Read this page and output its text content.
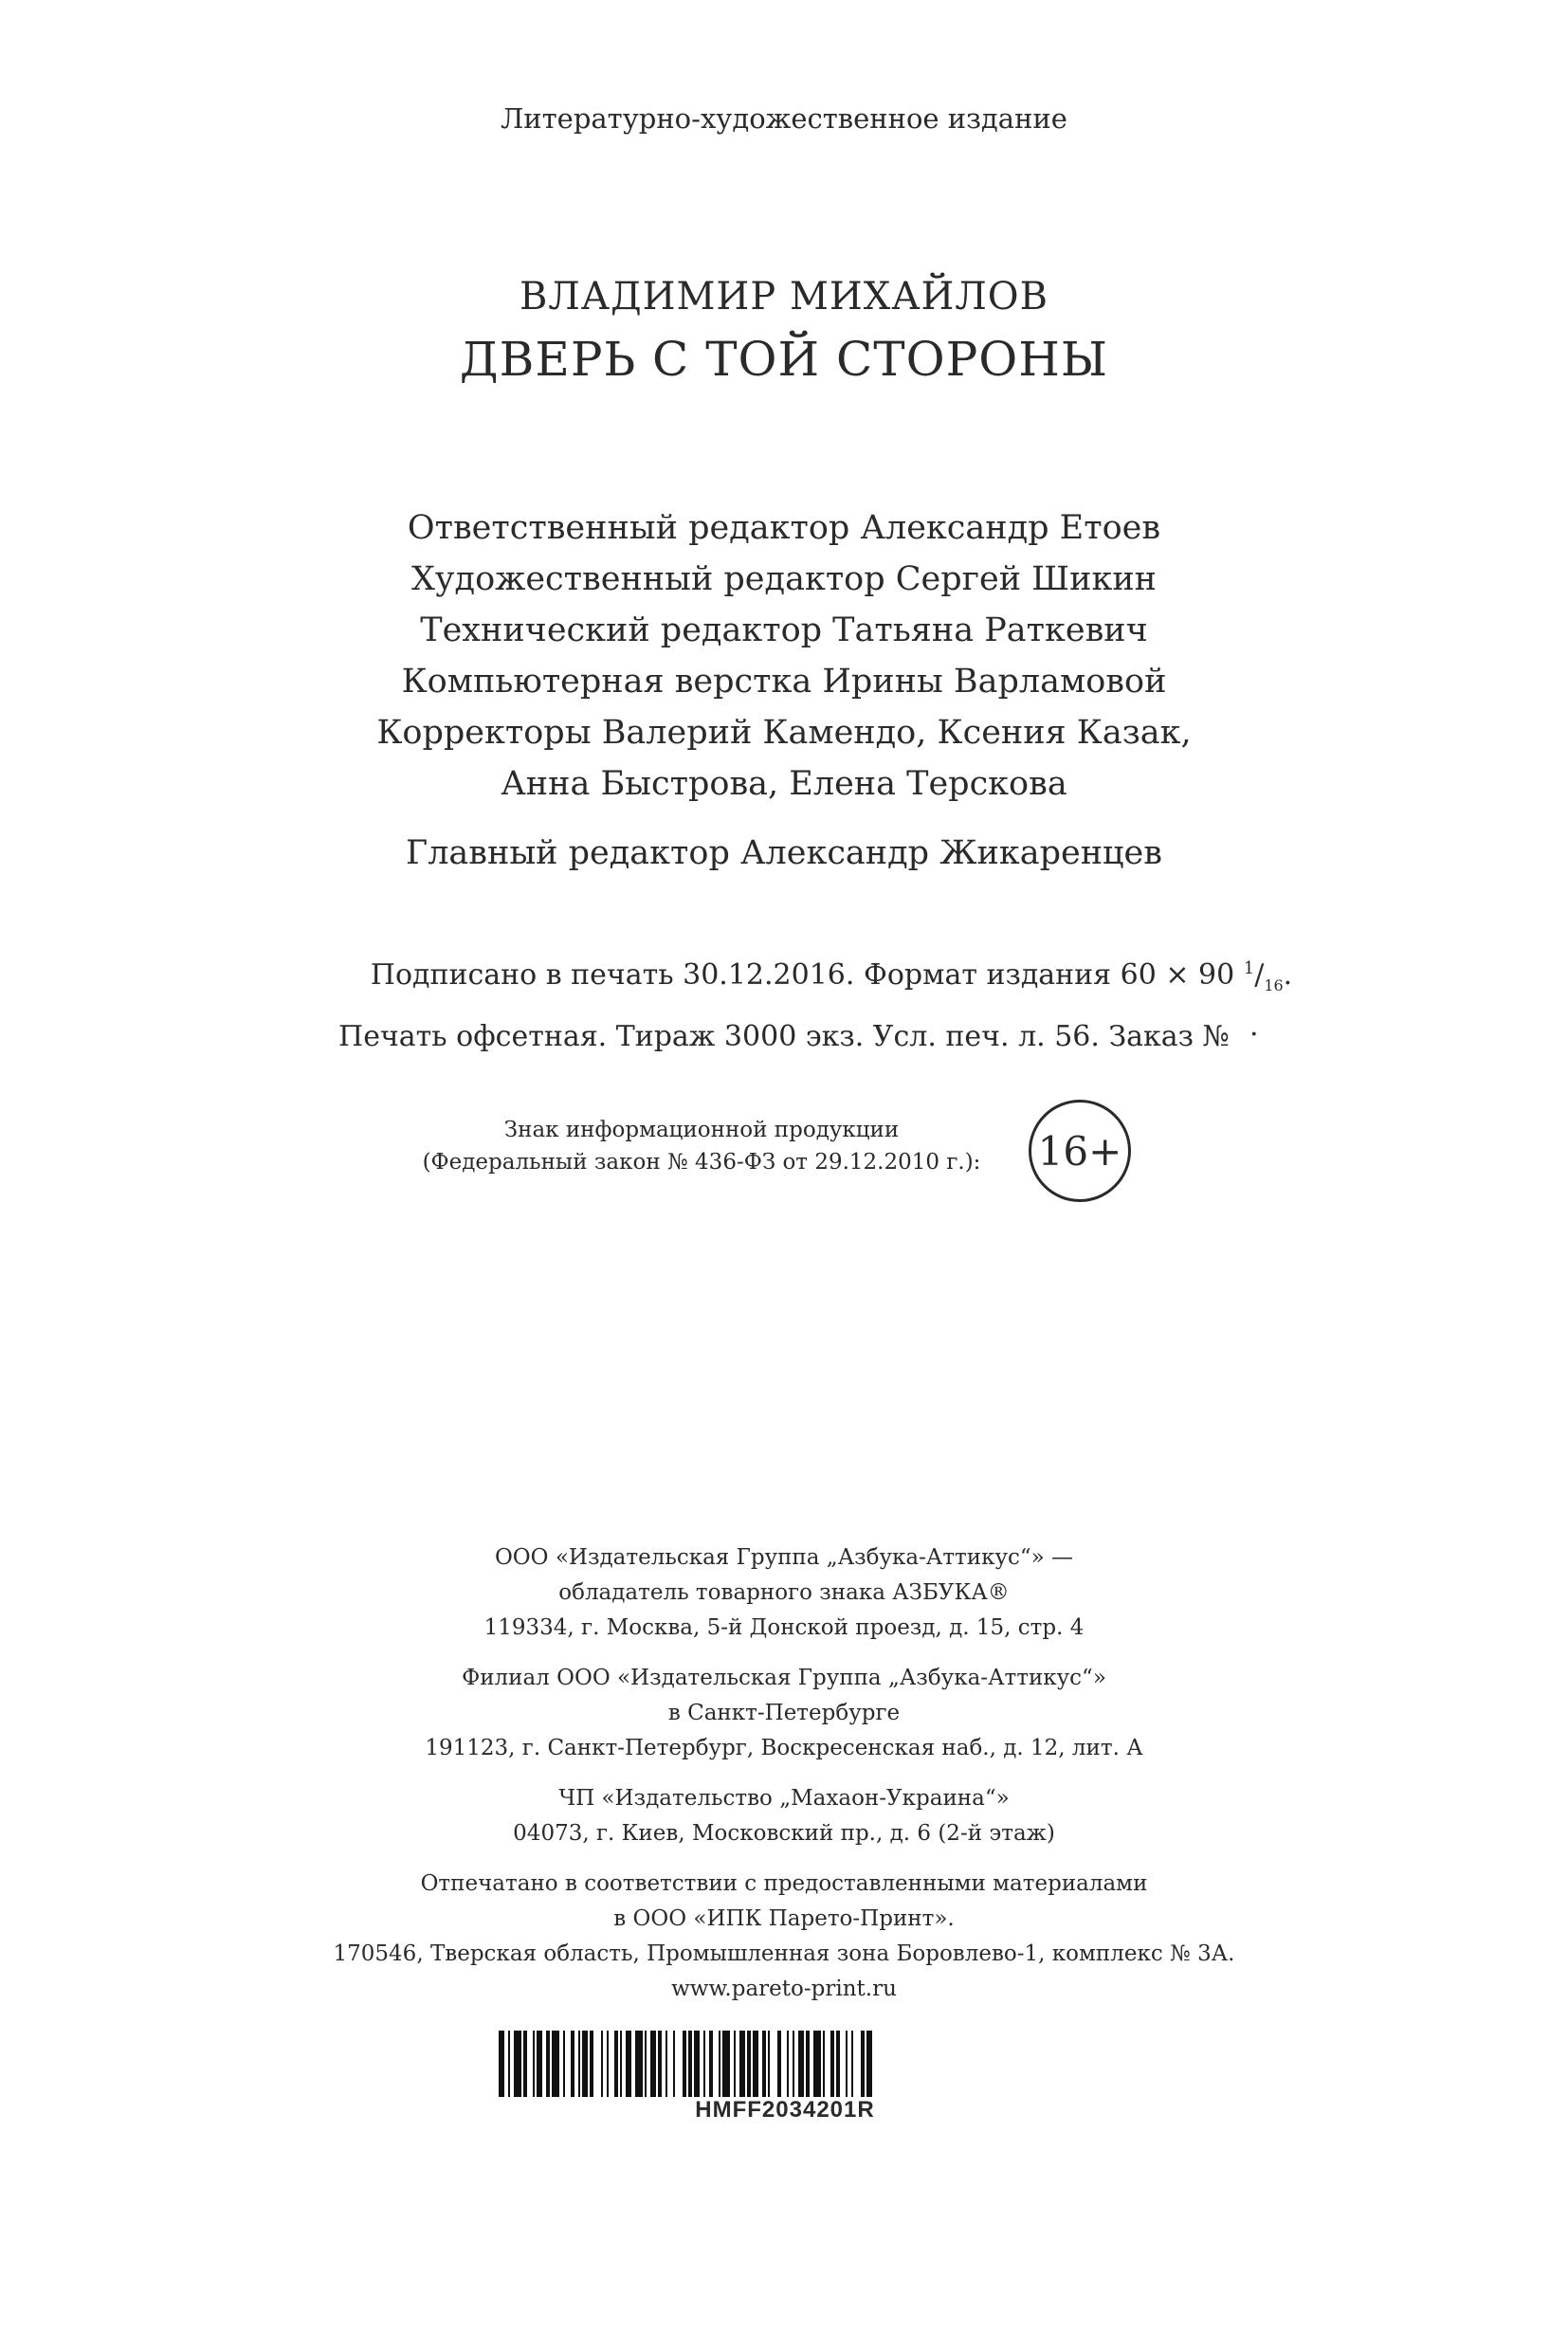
Литературно-художественное издание
ВЛАДИМИР МИХАЙЛОВ
ДВЕРЬ С ТОЙ СТОРОНЫ
Ответственный редактор Александр Етоев
Художественный редактор Сергей Шикин
Технический редактор Татьяна Раткевич
Компьютерная верстка Ирины Варламовой
Корректоры Валерий Камендо, Ксения Казак,
Анна Быстрова, Елена Терскова
Главный редактор Александр Жикаренцев
Подписано в печать 30.12.2016. Формат издания 60 × 90 $^1/_{16}$.
Печать офсетная. Тираж 3000 экз. Усл. печ. л. 56. Заказ № .
Знак информационной продукции
(Федеральный закон № 436-ФЗ от 29.12.2010 г.):	16+
ООО «Издательская Группа „Азбука-Аттикус“» —
обладатель товарного знака АЗБУКА®
119334, г. Москва, 5-й Донской проезд, д. 15, стр. 4
Филиал ООО «Издательская Группа „Азбука-Аттикус“»
в Санкт-Петербурге
191123, г. Санкт-Петербург, Воскресенская наб., д. 12, лит. А
ЧП «Издательство „Махаон-Украина“»
04073, г. Киев, Московский пр., д. 6 (2-й этаж)
Отпечатано в соответствии с предоставленными материалами
в ООО «ИПК Парето-Принт».
170546, Тверская область, Промышленная зона Боровлево-1, комплекс № 3А.
www.pareto-print.ru
HMFF2034201R
